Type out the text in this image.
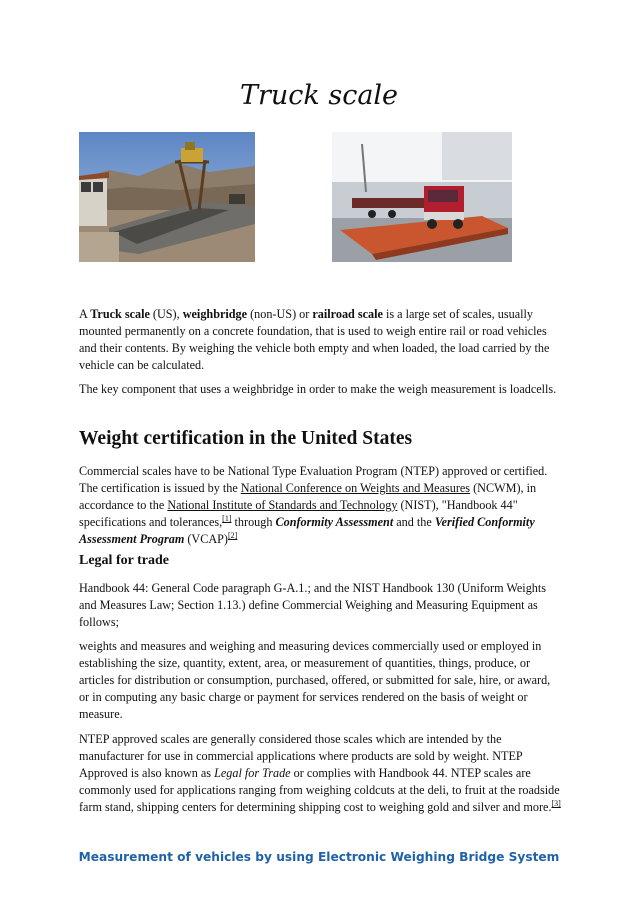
Truck scale

A Truck scale (US), weighbridge (non-US) or railroad scale is a large set of scales, usually mounted permanently on a concrete foundation, that is used to weigh entire rail or road vehicles and their contents. By weighing the vehicle both empty and when loaded, the load carried by the vehicle can be calculated.

The key component that uses a weighbridge in order to make the weigh measurement is loadcells.

Weight certification in the United States

Commercial scales have to be National Type Evaluation Program (NTEP) approved or certified. The certification is issued by the National Conference on Weights and Measures (NCWM), in accordance to the National Institute of Standards and Technology (NIST), "Handbook 44" specifications and tolerances,[1] through Conformity Assessment and the Verified Conformity Assessment Program (VCAP)[2]

Legal for trade

Handbook 44: General Code paragraph G-A.1.; and the NIST Handbook 130 (Uniform Weights and Measures Law; Section 1.13.) define Commercial Weighing and Measuring Equipment as follows;

weights and measures and weighing and measuring devices commercially used or employed in establishing the size, quantity, extent, area, or measurement of quantities, things, produce, or articles for distribution or consumption, purchased, offered, or submitted for sale, hire, or award, or in computing any basic charge or payment for services rendered on the basis of weight or measure.

NTEP approved scales are generally considered those scales which are intended by the manufacturer for use in commercial applications where products are sold by weight. NTEP Approved is also known as Legal for Trade or complies with Handbook 44. NTEP scales are commonly used for applications ranging from weighing coldcuts at the deli, to fruit at the roadside farm stand, shipping centers for determining shipping cost to weighing gold and silver and more.[3]

Measurement of vehicles by using Electronic Weighing Bridge System
